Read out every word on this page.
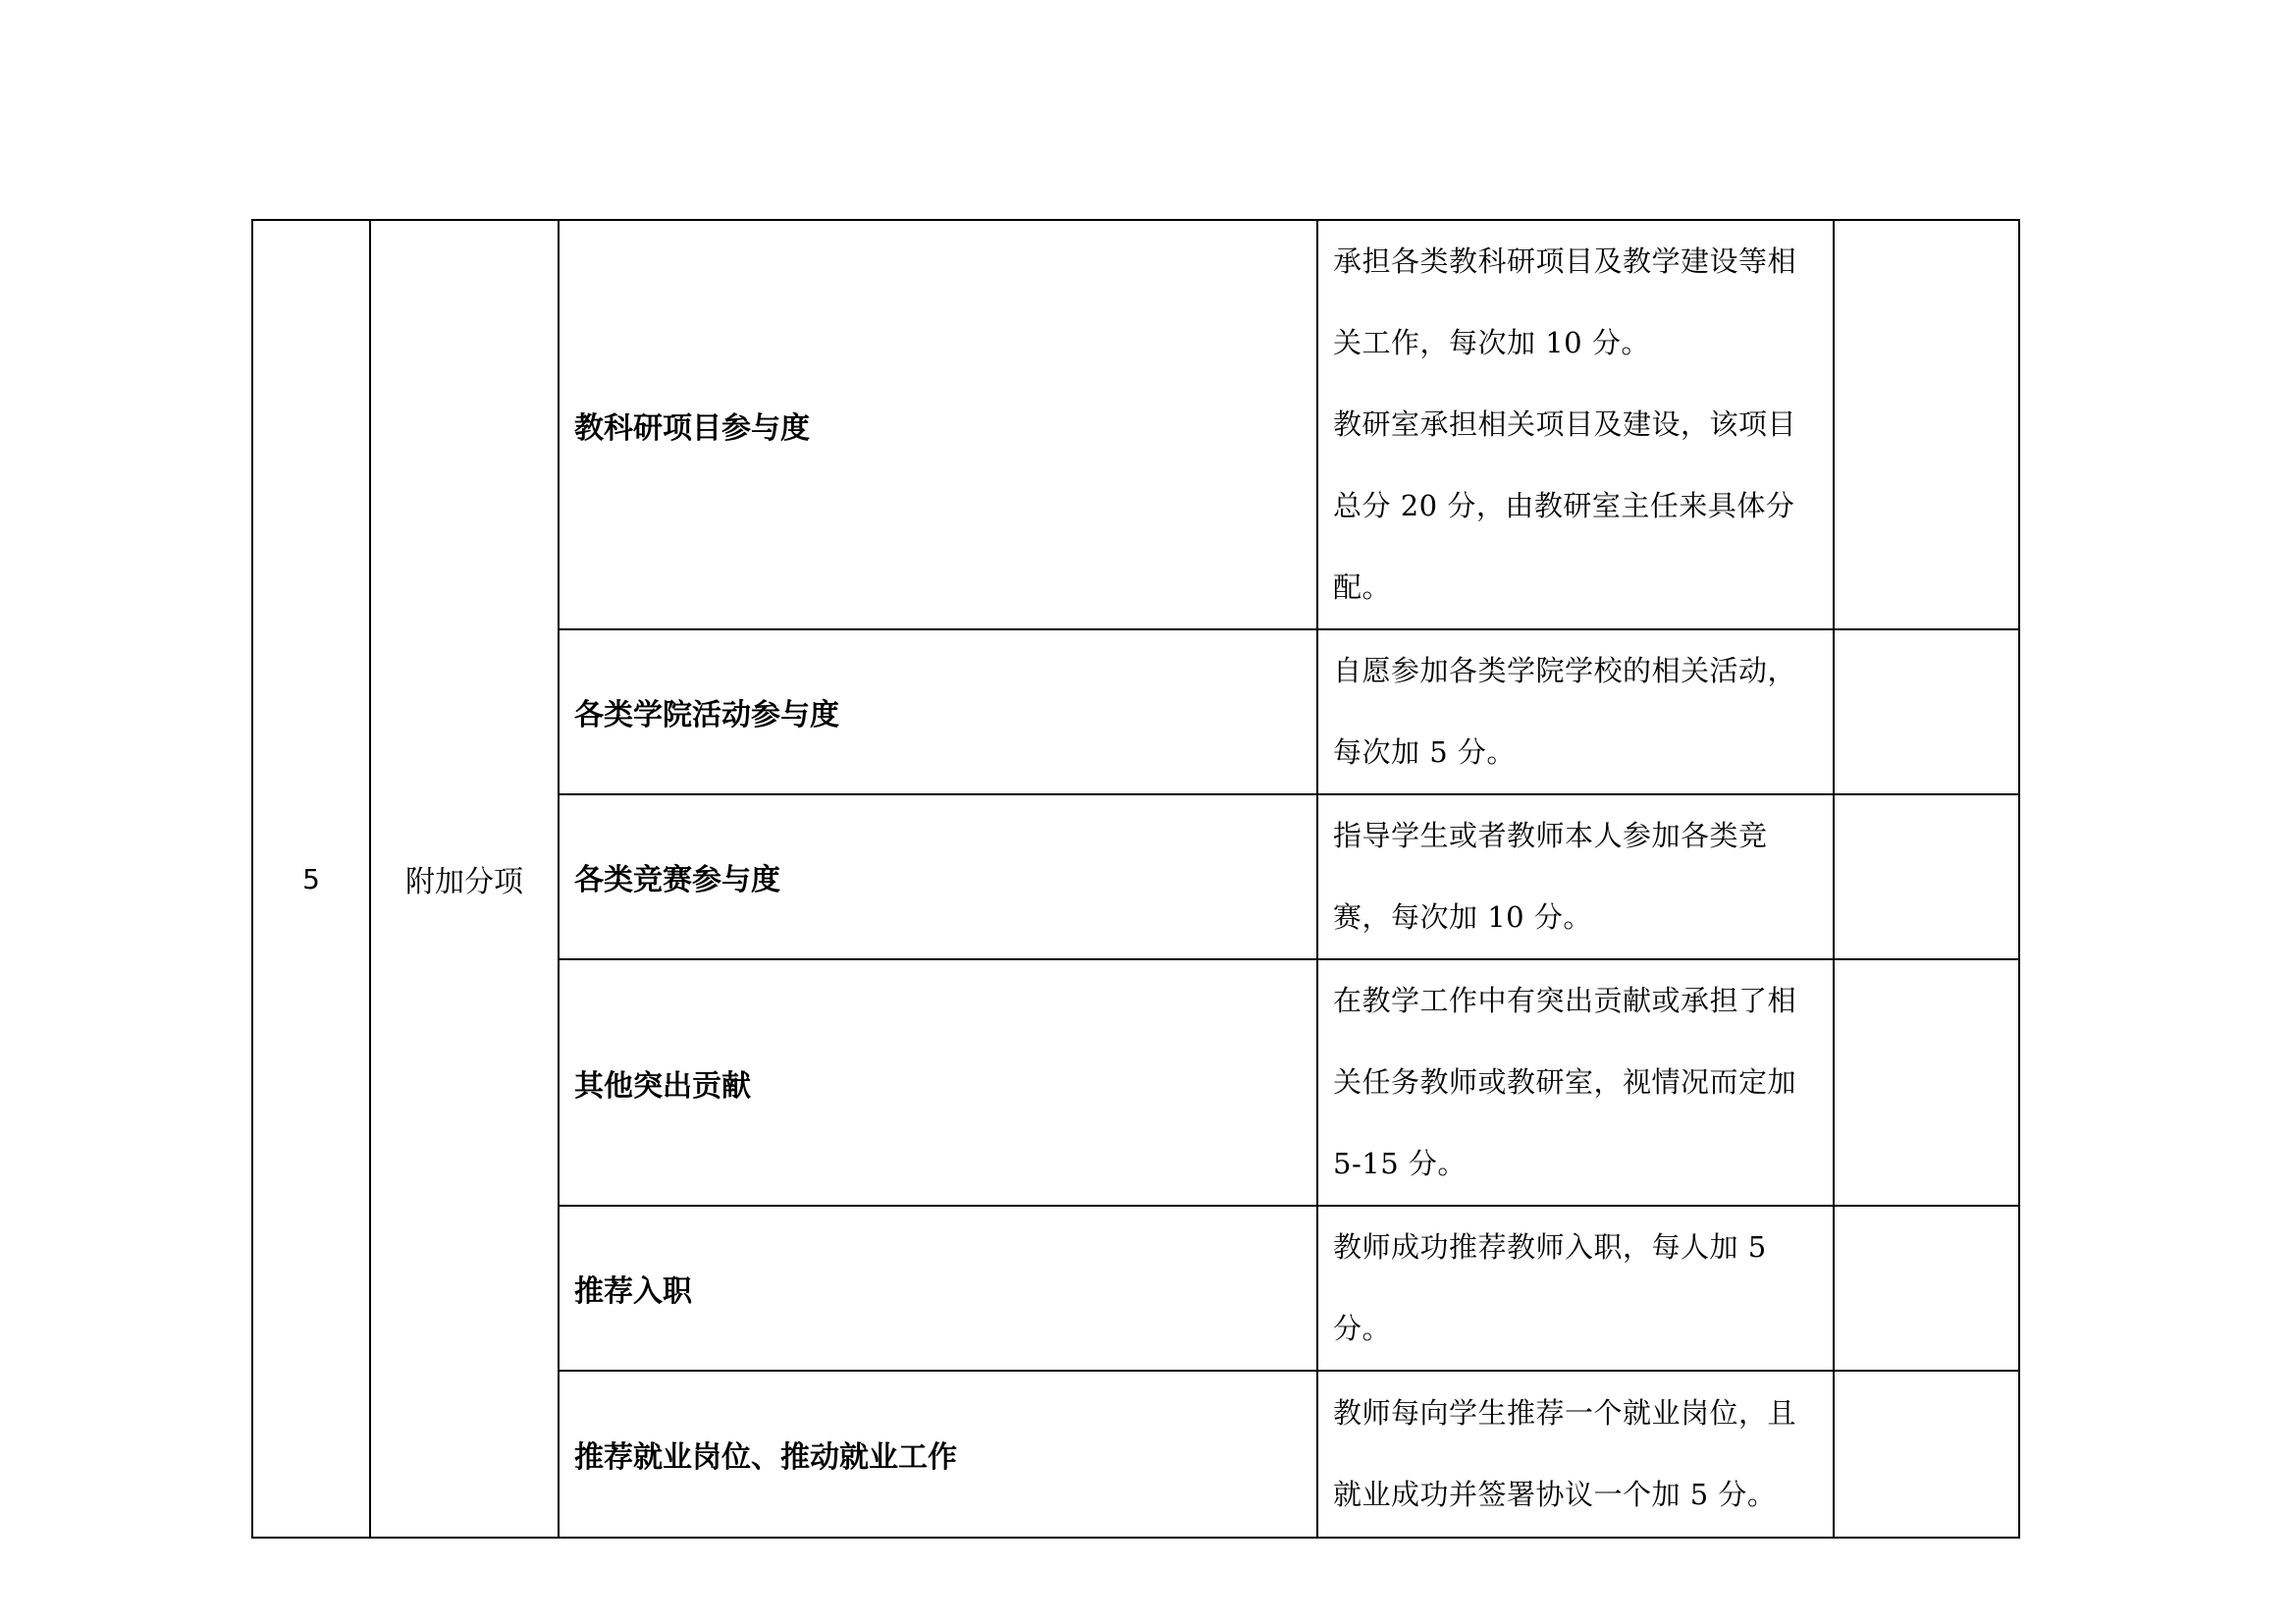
5	附加分项	教科研项目参与度	承担各类教科研项目及教学建设等相

关工作，每次加 10 分。

教研室承担相关项目及建设，该项目

总分 20 分，由教研室主任来具体分配。	

		各类学院活动参与度	自愿参加各类学院学校的相关活动，

每次加 5 分。	

		各类竞赛参与度	指导学生或者教师本人参加各类竞

赛，每次加 10 分。	

		其他突出贡献	在教学工作中有突出贡献或承担了相

关任务教师或教研室，视情况而定加

5-15 分。	

		推荐入职	教师成功推荐教师入职，每人加 5 分。	

		推荐就业岗位、推动就业工作	教师每向学生推荐一个就业岗位，且

就业成功并签署协议一个加 5 分。	
